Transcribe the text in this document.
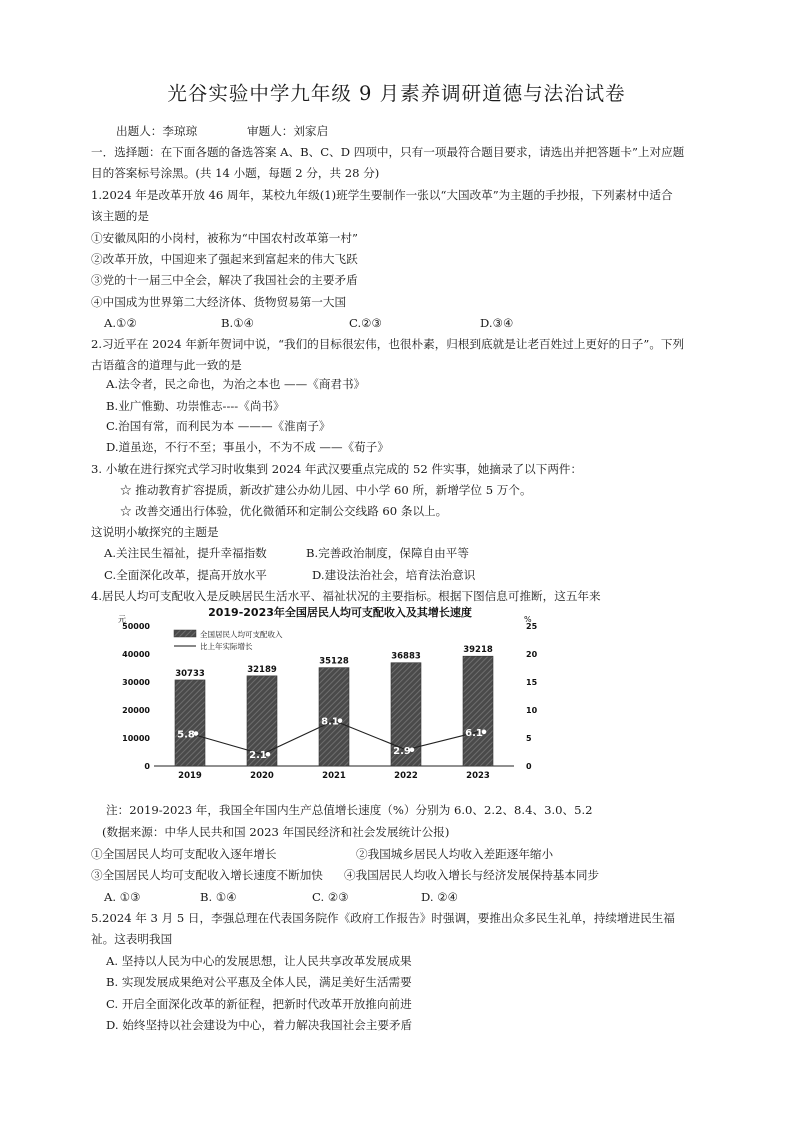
光谷实验中学九年级 9 月素养调研道德与法治试卷
出题人：李琼琼	审题人：刘家启
一．选择题：在下面各题的备选答案 A、B、C、D 四项中，只有一项最符合题目要求，请选出并把答题卡”上对应题
目的答案标号涂黑。(共 14 小题，每题 2 分，共 28 分)
1.2024 年是改革开放 46 周年，某校九年级(1)班学生要制作一张以“大国改革”为主题的手抄报，下列素材中适合
该主题的是
①安徽凤阳的小岗村，被称为“中国农村改革第一村”
②改革开放，中国迎来了强起来到富起来的伟大飞跃
③党的十一届三中全会，解决了我国社会的主要矛盾
④中国成为世界第二大经济体、货物贸易第一大国
A.①②	B.①④	C.②③	D.③④
2.习近平在 2024 年新年贺词中说，“我们的目标很宏伟，也很朴素，归根到底就是让老百姓过上更好的日子”。下列
古语蕴含的道理与此一致的是
A.法令者，民之命也，为治之本也 ——《商君书》
B.业广惟勤、功崇惟志----《尚书》
C.治国有常，而利民为本 ———《淮南子》
D.道虽迩，不行不至；事虽小，不为不成 ——《荀子》
3. 小敏在进行探究式学习时收集到 2024 年武汉要重点完成的 52 件实事，她摘录了以下两件：
☆ 推动教育扩容提质，新改扩建公办幼儿园、中小学 60 所，新增学位 5 万个。
☆ 改善交通出行体验，优化微循环和定制公交线路 60 条以上。
这说明小敏探究的主题是
A.关注民生福祉，提升幸福指数	B.完善政治制度，保障自由平等
C.全面深化改革，提高开放水平	D.建设法治社会，培育法治意识
4.居民人均可支配收入是反映居民生活水平、福祉状况的主要指标。根据下图信息可推断，这五年来
2019-2023年全国居民人均可支配收入及其增长速度
元	%
0
10000
20000
30000
40000
50000
0
5
10
15
20
25
30733
2019
32189
2020
35128
2021
36883
2022
39218
2023
5.8
2.1
8.1
2.9
6.1
全国居民人均可支配收入
比上年实际增长
注：2019-2023 年，我国全年国内生产总值增长速度（%）分别为 6.0、2.2、8.4、3.0、5.2
(数据来源：中华人民共和国 2023 年国民经济和社会发展统计公报)
①全国居民人均可支配收入逐年增长	②我国城乡居民人均收入差距逐年缩小
③全国居民人均可支配收入增长速度不断加快 ④我国居民人均收入增长与经济发展保持基本同步
A. ①③	B. ①④	C. ②③	D. ②④
5.2024 年 3 月 5 日，李强总理在代表国务院作《政府工作报告》时强调，要推出众多民生礼单，持续增进民生福
祉。这表明我国
A. 坚持以人民为中心的发展思想，让人民共享改革发展成果
B. 实现发展成果绝对公平惠及全体人民，满足美好生活需要
C. 开启全面深化改革的新征程，把新时代改革开放推向前进
D. 始终坚持以社会建设为中心，着力解决我国社会主要矛盾
